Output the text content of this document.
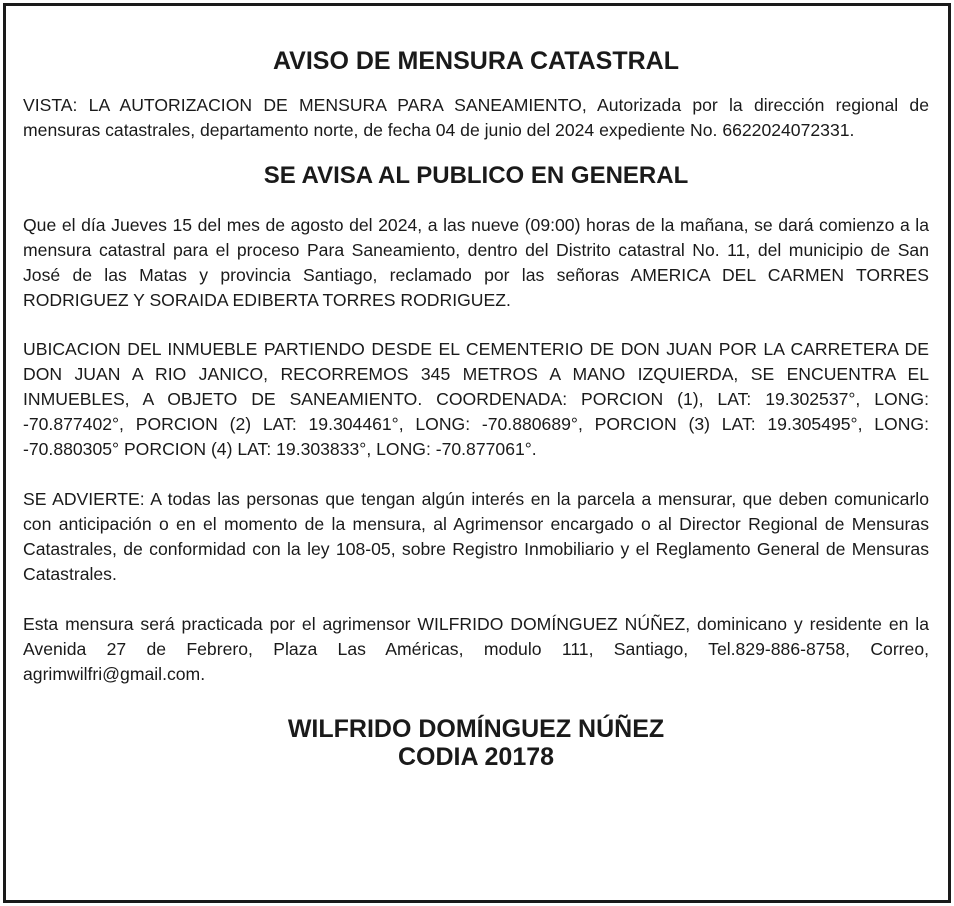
AVISO DE MENSURA CATASTRAL

VISTA: LA AUTORIZACION DE MENSURA PARA SANEAMIENTO, Autorizada por la dirección regional de mensuras catastrales, departamento norte, de fecha 04 de junio del 2024 expediente No. 6622024072331.

SE AVISA AL PUBLICO EN GENERAL

Que el día Jueves 15 del mes de agosto del 2024, a las nueve (09:00) horas de la mañana, se dará comienzo a la mensura catastral para el proceso Para Saneamiento, dentro del Distrito catastral No. 11, del municipio de San José de las Matas y provincia Santiago, reclamado por las señoras AMERICA DEL CARMEN TORRES RODRIGUEZ Y SORAIDA EDIBERTA TORRES RODRIGUEZ.

UBICACION DEL INMUEBLE PARTIENDO DESDE EL CEMENTERIO DE DON JUAN POR LA CARRETERA DE DON JUAN A RIO JANICO, RECORREMOS 345 METROS A MANO IZQUIERDA, SE ENCUENTRA EL INMUEBLES, A OBJETO DE SANEAMIENTO. COORDENADA: PORCION (1), LAT: 19.302537°, LONG: -70.877402°, PORCION (2) LAT: 19.304461°, LONG: -70.880689°, PORCION (3) LAT: 19.305495°, LONG: -70.880305° PORCION (4) LAT: 19.303833°, LONG: -70.877061°.

SE ADVIERTE: A todas las personas que tengan algún interés en la parcela a mensurar, que deben comunicarlo con anticipación o en el momento de la mensura, al Agrimensor encargado o al Director Regional de Mensuras Catastrales, de conformidad con la ley 108-05, sobre Registro Inmobiliario y el Reglamento General de Mensuras Catastrales.

Esta mensura será practicada por el agrimensor WILFRIDO DOMÍNGUEZ NÚÑEZ, dominicano y residente en la Avenida 27 de Febrero, Plaza Las Américas, modulo 111, Santiago, Tel.829-886-8758, Correo, agrimwilfri@gmail.com.

WILFRIDO DOMÍNGUEZ NÚÑEZ
CODIA 20178
